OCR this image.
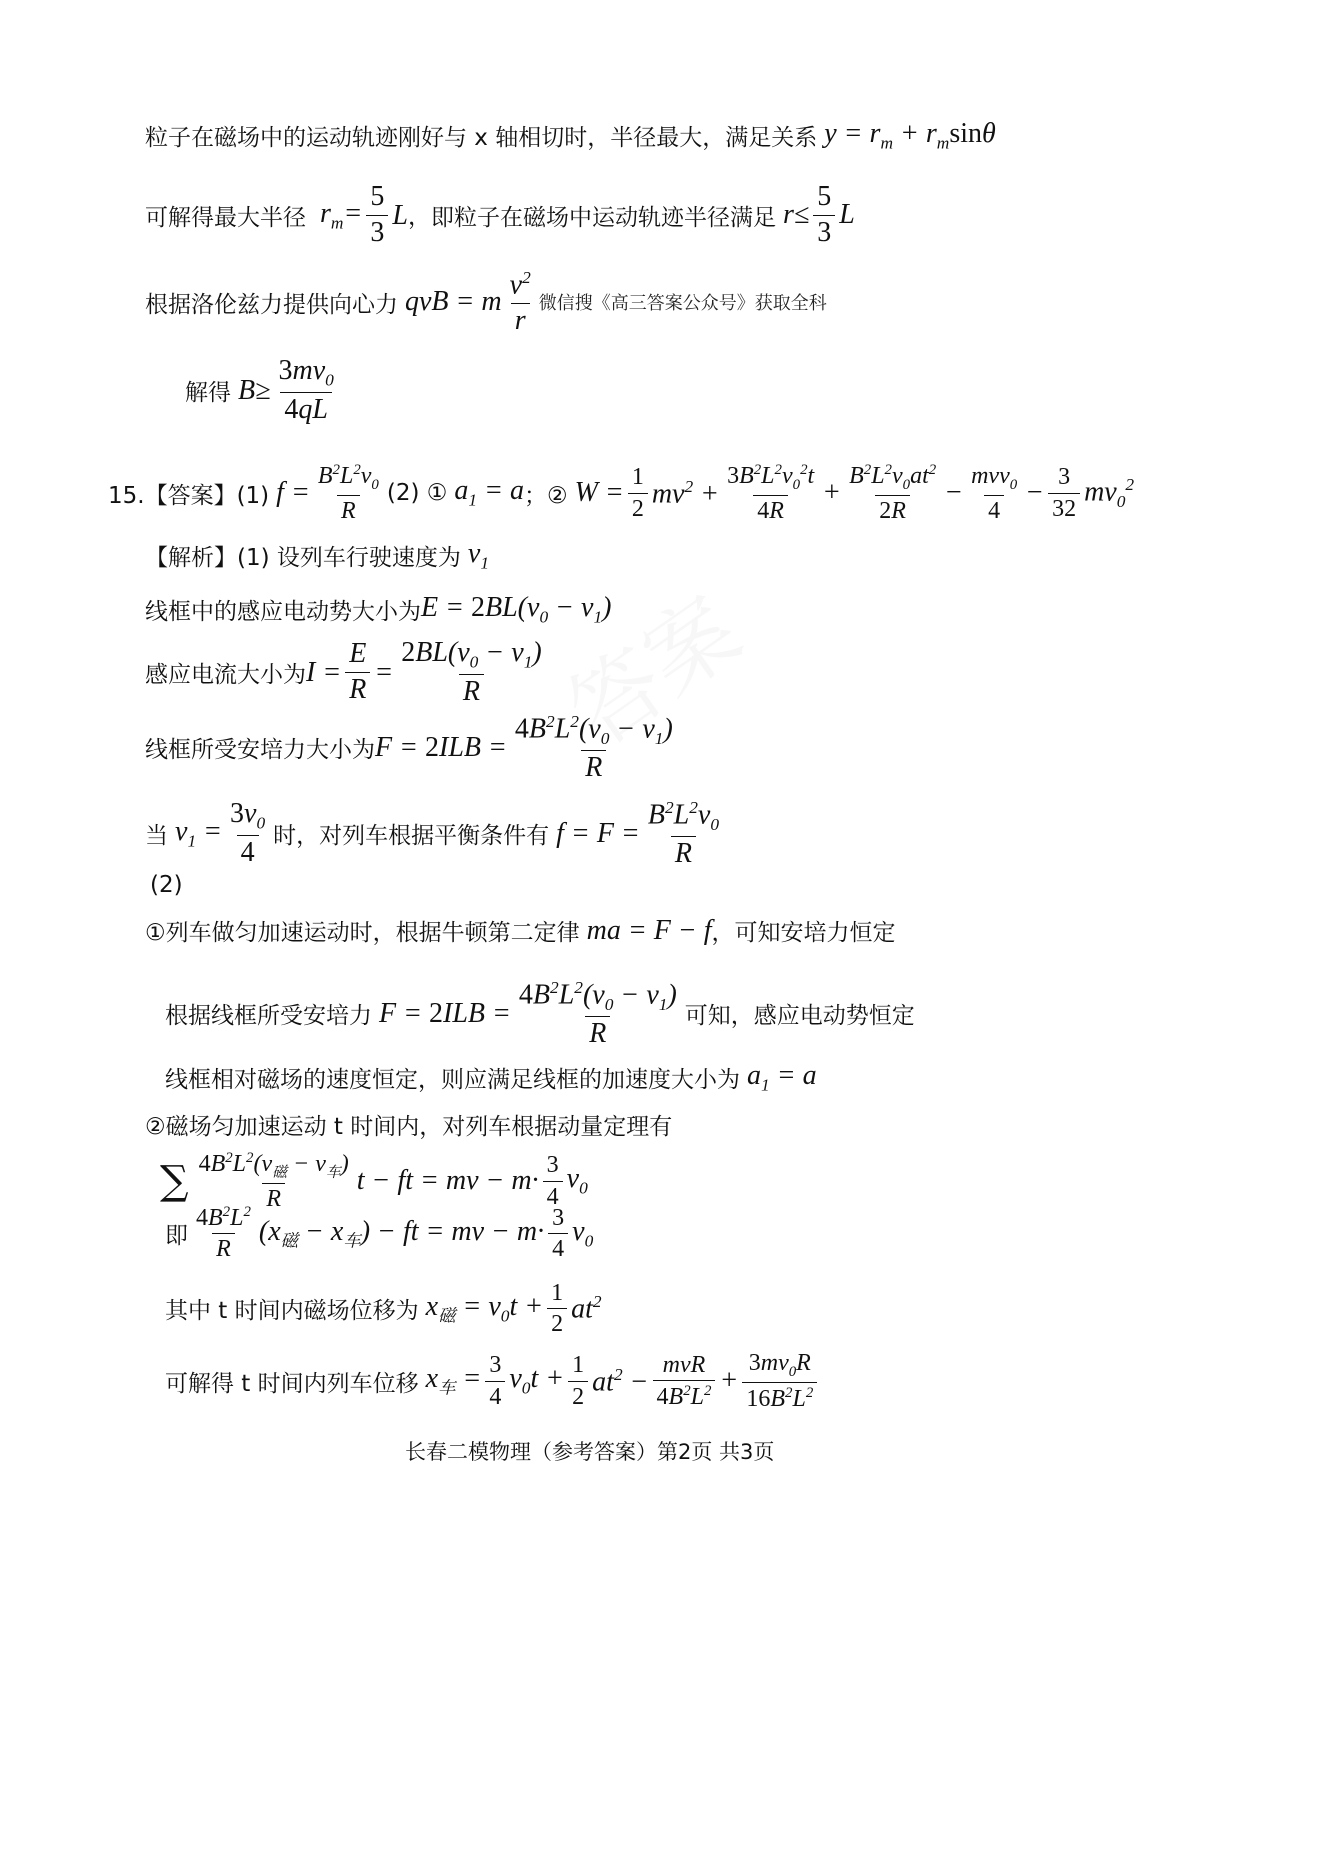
粒子在磁场中的运动轨迹刚好与 x 轴相切时，半径最大，满足关系 $y = r_m + r_m\sin\theta$
可解得最大半径 $r_m= \frac{5}{3}$ L， 即粒子在磁场中运动轨迹半径满足 $r\le \frac{5}{3}$ L
根据洛伦兹力提供向心力 qvB = m $\frac{v^2}{r}$ 微信搜《高三答案公众号》获取全科
解得 $B\ge \frac{3mv_0}{4qL}$
15.【答案】(1) $f = \frac{B^2L^2v_0}{R} (2)$ ① $a_1 = a$ ；② $W = \frac{1}{2} mv^2 + \frac{3B^2L^2v_0^2t}{4R} + \frac{B^2L^2v_0at^2}{2R} - \frac{mvv_0}{4} - \frac{3}{32} mv_0^2$
【解析】(1) 设列车行驶速度为 $v_1$
线框中的感应电动势大小为 $E = 2BL(v_0 - v_1)$
感应电流大小为 $I = \frac{E}{R} = \frac{2BL(v_0 - v_1)}{R}$
线框所受安培力大小为 $F = 2ILB = \frac{4B^2L^2(v_0 - v_1)}{R}$
当 $v_1 = \frac{3v_0}{4}$ 时，对列车根据平衡条件有 $f = F = \frac{B^2L^2v_0}{R}$
(2)
①列车做匀加速运动时，根据牛顿第二定律 ma = F − f ，可知安培力恒定
根据线框所受安培力 $F = 2ILB = \frac{4B^2L^2(v_0 - v_1)}{R}$ 可知，感应电动势恒定
线框相对磁场的速度恒定，则应满足线框的加速度大小为 $a_1 = a$
②磁场匀加速运动 t 时间内，对列车根据动量定理有
∑ $\frac{4B^2L^2(v_磁 - v_车)}{R}$ t − ft = mv − $m\cdot \frac{3}{4} v_0$
即 $\frac{4B^2L^2}{R} (x_磁 - x_车)$ − ft = mv − $m\cdot \frac{3}{4} v_0$
其中 t 时间内磁场位移为 $x_磁 = v_0t + \frac{1}{2} at^2$
可解得 t 时间内列车位移 $x_车 = \frac{3}{4} v_0t + \frac{1}{2} at^2 - \frac{\text{mvR}}{4B^2L^2} + \frac{3mv_0R}{16B^2L^2}$
长春二模物理（参考答案）第2页 共3页
